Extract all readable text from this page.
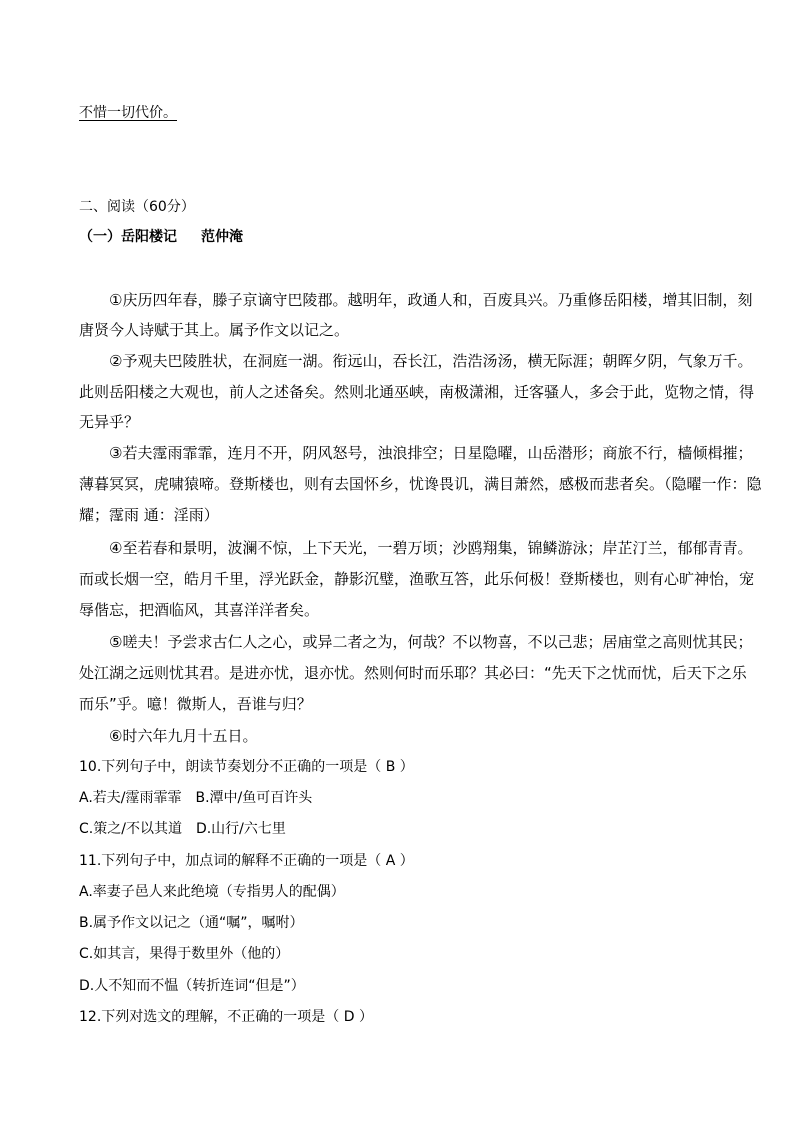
不惜一切代价。
二、阅读（60分）
（一）岳阳楼记 范仲淹
①庆历四年春，滕子京谪守巴陵郡。越明年，政通人和，百废具兴。乃重修岳阳楼，增其旧制，刻
唐贤今人诗赋于其上。属予作文以记之。
②予观夫巴陵胜状，在洞庭一湖。衔远山，吞长江，浩浩汤汤，横无际涯；朝晖夕阴，气象万千。
此则岳阳楼之大观也，前人之述备矣。然则北通巫峡，南极潇湘，迁客骚人，多会于此，览物之情，得
无异乎？
③若夫霪雨霏霏，连月不开，阴风怒号，浊浪排空；日星隐曜，山岳潜形；商旅不行，樯倾楫摧；
薄暮冥冥，虎啸猿啼。登斯楼也，则有去国怀乡，忧谗畏讥，满目萧然，感极而悲者矣。（隐曜一作：隐
耀；霪雨 通：淫雨）
④至若春和景明，波澜不惊，上下天光，一碧万顷；沙鸥翔集，锦鳞游泳；岸芷汀兰，郁郁青青。
而或长烟一空，皓月千里，浮光跃金，静影沉璧，渔歌互答，此乐何极！登斯楼也，则有心旷神怡，宠
辱偕忘，把酒临风，其喜洋洋者矣。
⑤嗟夫！予尝求古仁人之心，或异二者之为，何哉？不以物喜，不以己悲；居庙堂之高则忧其民；
处江湖之远则忧其君。是进亦忧，退亦忧。然则何时而乐耶？其必曰：“先天下之忧而忧，后天下之乐
而乐”乎。噫！微斯人，吾谁与归？
⑥时六年九月十五日。
10.下列句子中，朗读节奏划分不正确的一项是（ B ）
A.若夫/霪雨霏霏 B.潭中/鱼可百许头
C.策之/不以其道 D.山行/六七里
11.下列句子中，加点词的解释不正确的一项是（ A ）
A.率妻子邑人来此绝境（专指男人的配偶）
B.属予作文以记之（通“嘱”，嘱咐）
C.如其言，果得于数里外（他的）
D.人不知而不愠（转折连词“但是”）
12.下列对选文的理解，不正确的一项是（ D ）
